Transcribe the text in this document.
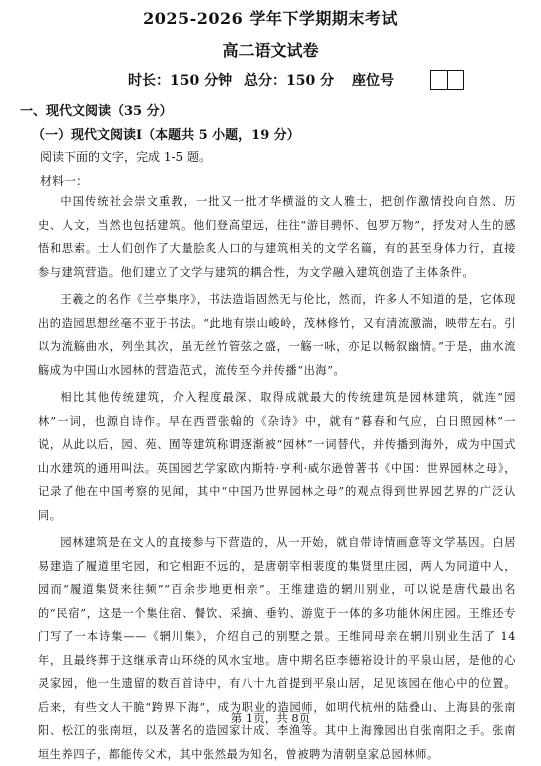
2025-2026 学年下学期期末考试
高二语文试卷
时长：150 分钟 总分：150 分 座位号
一、现代文阅读（35 分）
（一）现代文阅读Ⅰ（本题共 5 小题，19 分）
阅读下面的文字，完成 1-5 题。
材料一：

中国传统社会崇文重教，一批又一批才华横溢的文人雅士，把创作激情投向自然、历史、人文，当然也包括建筑。他们登高望远，往往“游目骋怀、包罗万物”，抒发对人生的感悟和思索。士人们创作了大量脍炙人口的与建筑相关的文学名篇，有的甚至身体力行，直接参与建筑营造。他们建立了文学与建筑的耦合性，为文学融入建筑创造了主体条件。

王羲之的名作《兰亭集序》，书法造诣固然无与伦比，然而，许多人不知道的是，它体现出的造园思想丝毫不亚于书法。“此地有崇山峻岭，茂林修竹，又有清流激湍，映带左右。引以为流觞曲水，列坐其次，虽无丝竹管弦之盛，一觞一咏，亦足以畅叙幽情。”于是，曲水流觞成为中国山水园林的营造范式，流传至今并传播“出海”。

相比其他传统建筑，介入程度最深、取得成就最大的传统建筑是园林建筑，就连“园林”一词，也源自诗作。早在西晋张翰的《杂诗》中，就有“暮春和气应，白日照园林”一说，从此以后，园、苑、囿等建筑称谓逐渐被“园林”一词替代，并传播到海外，成为中国式山水建筑的通用叫法。英国园艺学家欧内斯特·亨利·威尔逊曾著书《中国：世界园林之母》，记录了他在中国考察的见闻，其中“中国乃世界园林之母”的观点得到世界园艺界的广泛认同。

园林建筑是在文人的直接参与下营造的，从一开始，就自带诗情画意等文学基因。白居易建造了履道里宅园，和它相距不远的，是唐朝宰相裴度的集贤里庄园，两人为同道中人，园而“履道集贤来往频”“百余步地更相亲”。王维建造的辋川别业，可以说是唐代最出名的“民宿”，这是一个集住宿、餐饮、采摘、垂钓、游览于一体的多功能休闲庄园。王维还专门写了一本诗集——《辋川集》，介绍自己的别墅之景。王维同母亲在辋川别业生活了 14 年，且最终葬于这继承青山环绕的风水宝地。唐中期名臣李德裕设计的平泉山居，是他的心灵家园，他一生遗留的数百首诗中，有八十九首提到平泉山居，足见该园在他心中的位置。后来，有些文人干脆“跨界下海”，成为职业的造园师，如明代杭州的陆叠山、上海县的张南阳、松江的张南垣，以及著名的造园家计成、李渔等。其中上海豫园出自张南阳之手。张南垣生养四子，都能传父术，其中张然最为知名，曾被聘为清朝皇家总园林师。

第 1页，共 8页
